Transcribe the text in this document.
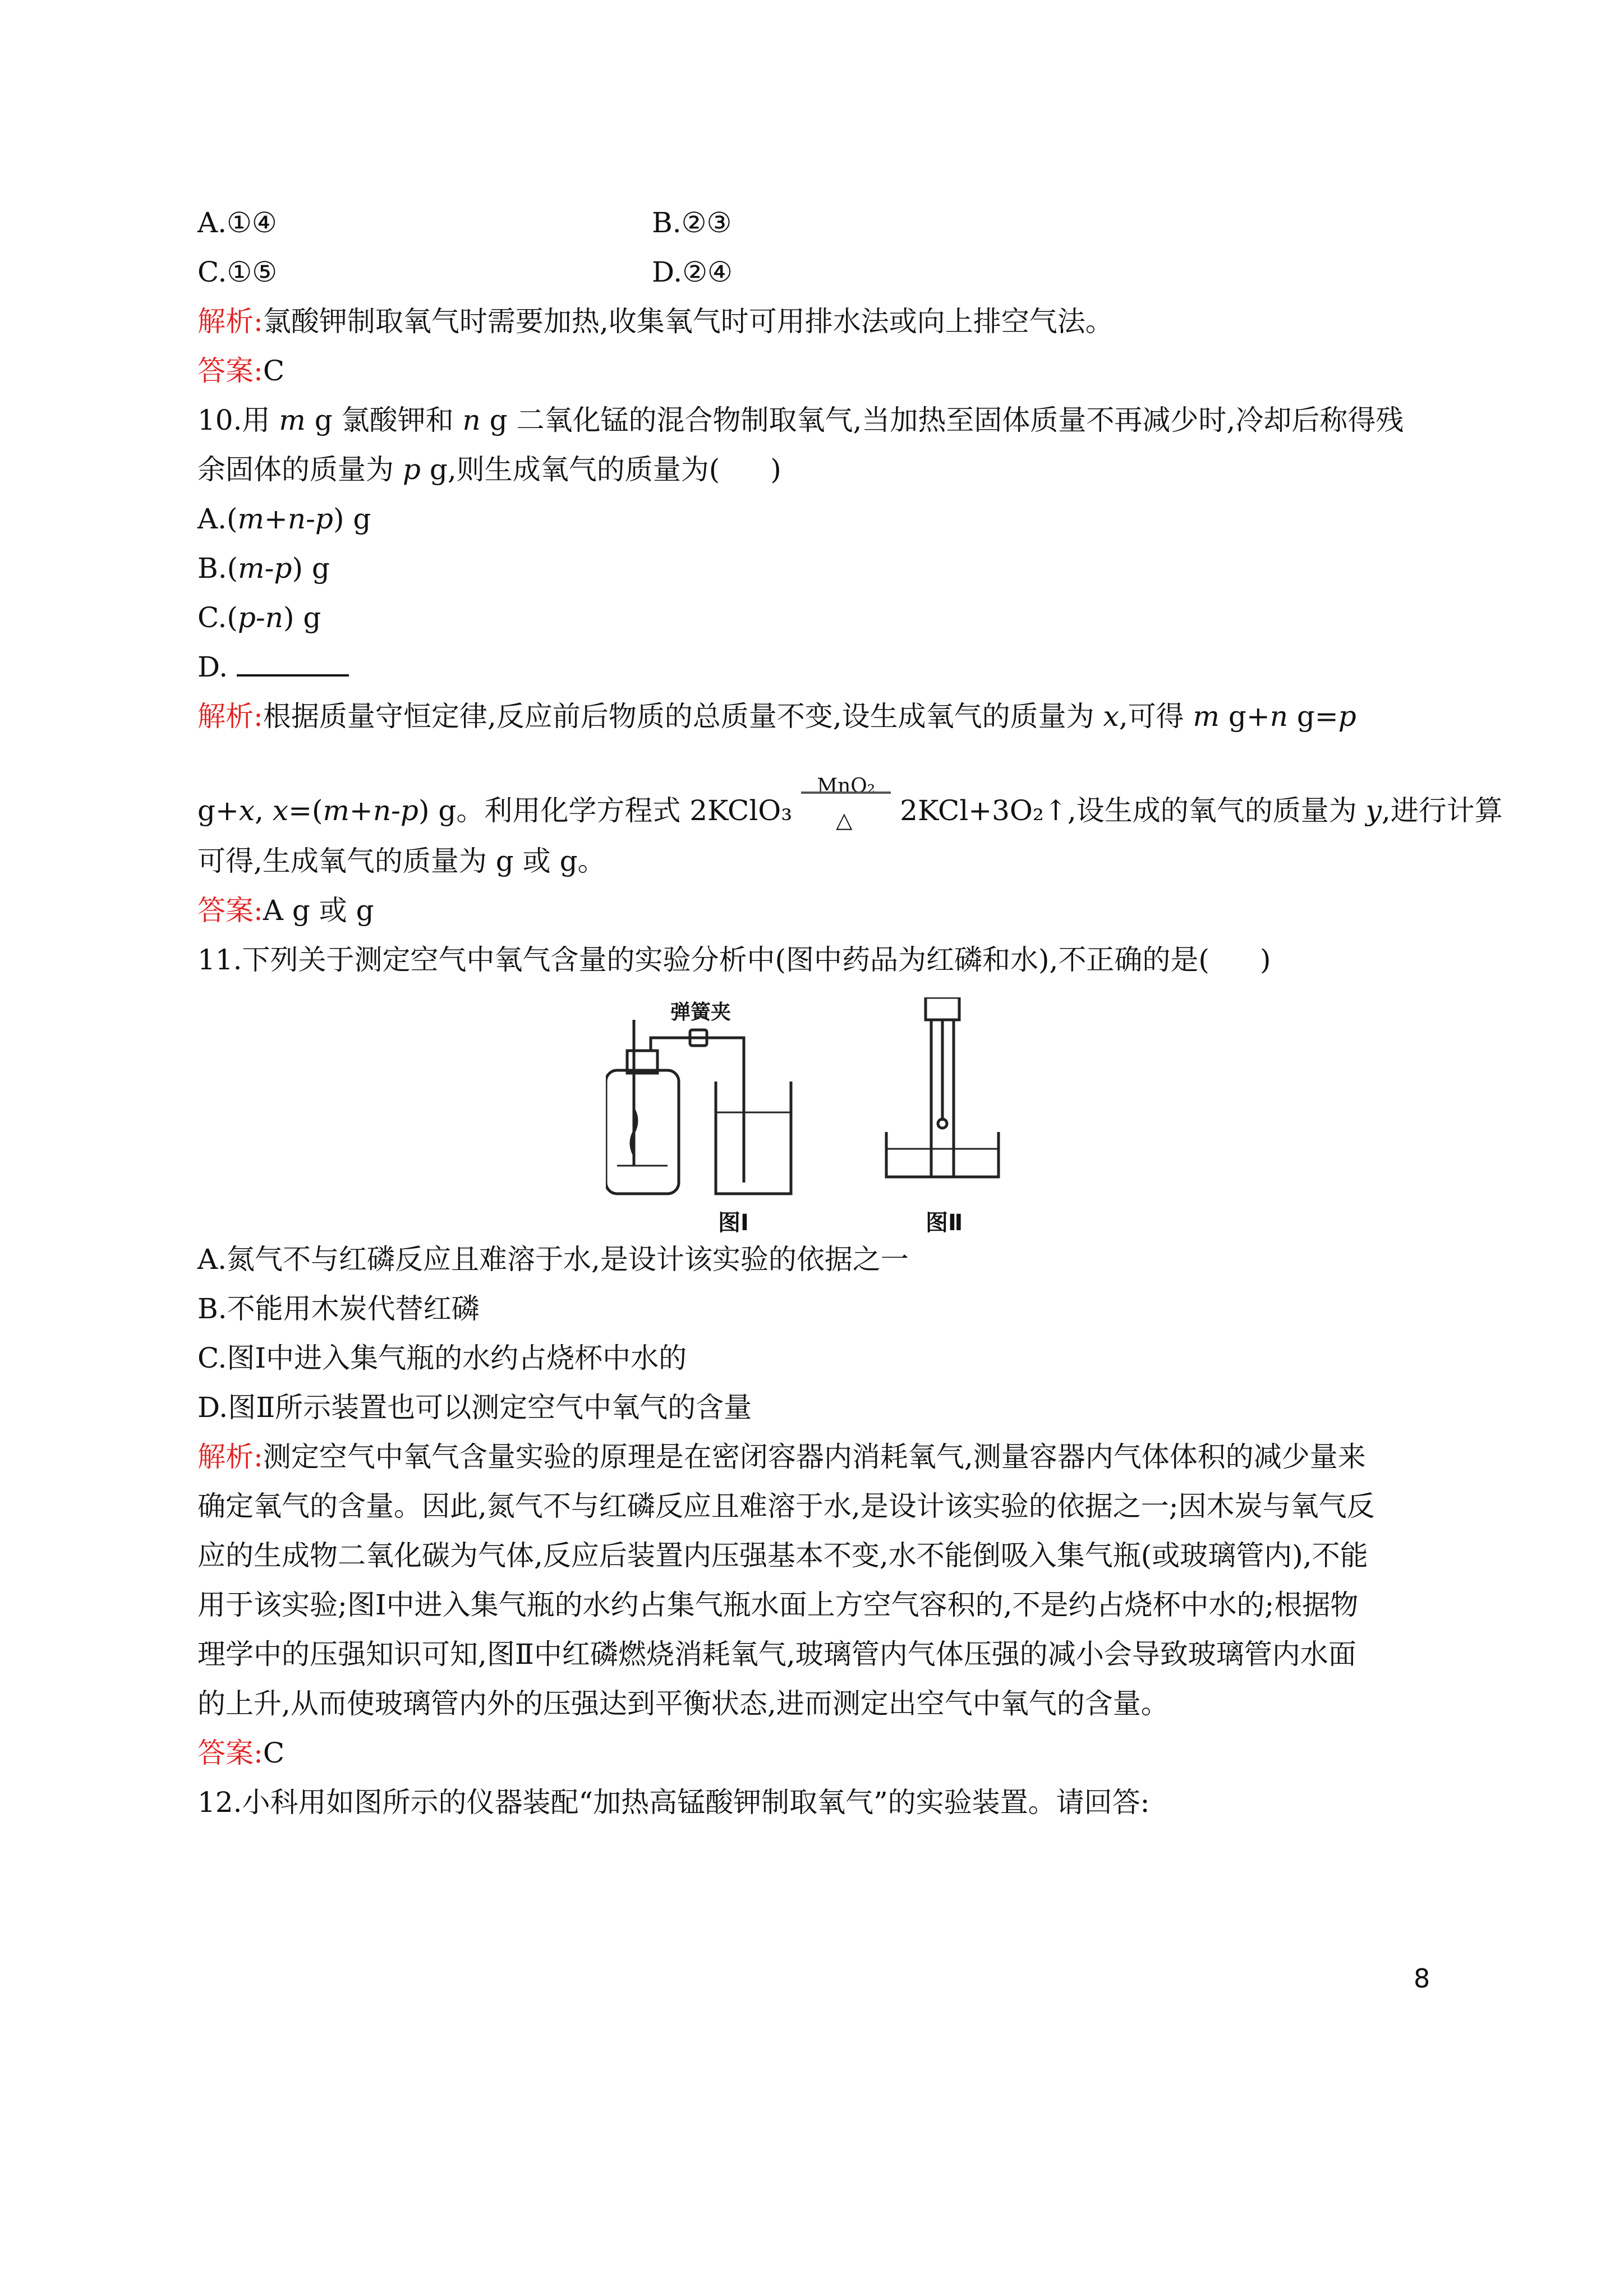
A.①④	B.②③
C.①⑤	D.②④
解析:氯酸钾制取氧气时需要加热,收集氧气时可用排水法或向上排空气法。
答案:C
10.用 m g 氯酸钾和 n g 二氧化锰的混合物制取氧气,当加热至固体质量不再减少时,冷却后称得残
余固体的质量为 p g,则生成氧气的质量为( )
A.(m+n-p) g
B.(m-p) g
C.(p-n) g
D.
解析:根据质量守恒定律,反应前后物质的总质量不变,设生成氧气的质量为 x,可得 m g+n g=p
g+x, x=(m+n-p) g。利用化学方程式 2KClO₃
MnO₂
△ 2KCl+3O₂↑,设生成的氧气的质量为 y,进行计算
可得,生成氧气的质量为 g 或 g。
答案:A g 或 g
11.下列关于测定空气中氧气含量的实验分析中(图中药品为红磷和水),不正确的是( )
弹簧夹
图Ⅰ	图Ⅱ
A.氮气不与红磷反应且难溶于水,是设计该实验的依据之一
B.不能用木炭代替红磷
C.图Ⅰ中进入集气瓶的水约占烧杯中水的
D.图Ⅱ所示装置也可以测定空气中氧气的含量
解析:测定空气中氧气含量实验的原理是在密闭容器内消耗氧气,测量容器内气体体积的减少量来
确定氧气的含量。因此,氮气不与红磷反应且难溶于水,是设计该实验的依据之一;因木炭与氧气反
应的生成物二氧化碳为气体,反应后装置内压强基本不变,水不能倒吸入集气瓶(或玻璃管内),不能
用于该实验;图Ⅰ中进入集气瓶的水约占集气瓶水面上方空气容积的,不是约占烧杯中水的;根据物
理学中的压强知识可知,图Ⅱ中红磷燃烧消耗氧气,玻璃管内气体压强的减小会导致玻璃管内水面
的上升,从而使玻璃管内外的压强达到平衡状态,进而测定出空气中氧气的含量。
答案:C
12.小科用如图所示的仪器装配“加热高锰酸钾制取氧气”的实验装置。请回答:
8
